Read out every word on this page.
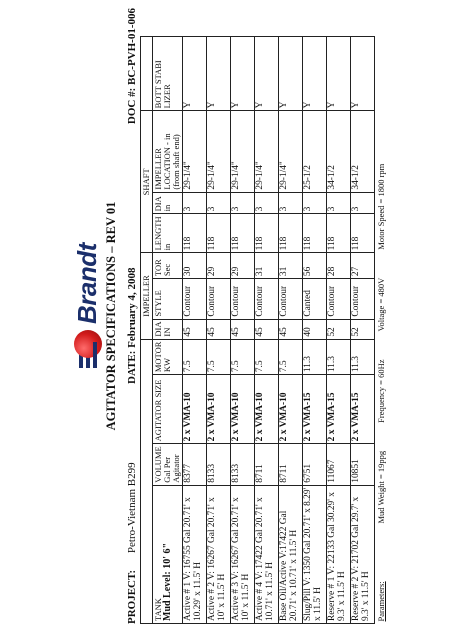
Brandt AGITATOR SPECIFICATIONS – REV 01
PROJECT: Petro-Vietnam B299
DATE: February 4, 2008
DOC #: BC-PVH-01-006
				IMPELLER			SHAFT			

TANK
Mud Level: 10' 6"	VOLUME Gal Per Agitator	AGITATOR SIZE	MOTOR KW	DIA IN	STYLE	TOR Sec	LENGTH in	DIA in	IMPELLER LOCATION - in (from shaft end)	BOTT STABI LIZER
Active # 1 V: 16755 Gal 20.71' x 10.29' x 11.5' H	8377	2 x VMA-10	7.5	45	Contour	30	118	3	29-1/4"	Y
Active # 2 V: 16267 Gal 20.71' x 10' x 11.5' H	8133	2 x VMA-10	7.5	45	Contour	29	118	3	29-1/4"	Y
Active # 3 V: 16267 Gal 20.71' x 10' x 11.5' H	8133	2 x VMA-10	7.5	45	Contour	29	118	3	29-1/4"	Y
Active # 4 V: 17422 Gal 20.71' x 10.71' x 11.5' H	8711	2 x VMA-10	7.5	45	Contour	31	118	3	29-1/4"	Y
Base Oil/Active V:17422 Gal 20.71' x 10.71' x 11.5' H	8711	2 x VMA-10	7.5	45	Contour	31	118	3	29-1/4"	Y
Slug/Pill V: 1350 Gal 20.71' x 8.29' x 11.5' H	6751	2 x VMA-15	11.3	40	Canted	56	118	3	25-1/2	Y
Reserve # 1 V: 22133 Gal 30.29' x 9.3' x 11.5' H	11067	2 x VMA-15	11.3	52	Contour	28	118	3	34-1/2	Y
Reserve # 2 V: 21702 Gal 29.7' x 9.3' x 11.5' H	10851	2 x VMA-15	11.3	52	Contour	27	118	3	34-1/2	Y

Parameters:
Mud Weight = 19ppg
Frequency = 60Hz
Voltage = 480V
Motor Speed = 1800 rpm										
